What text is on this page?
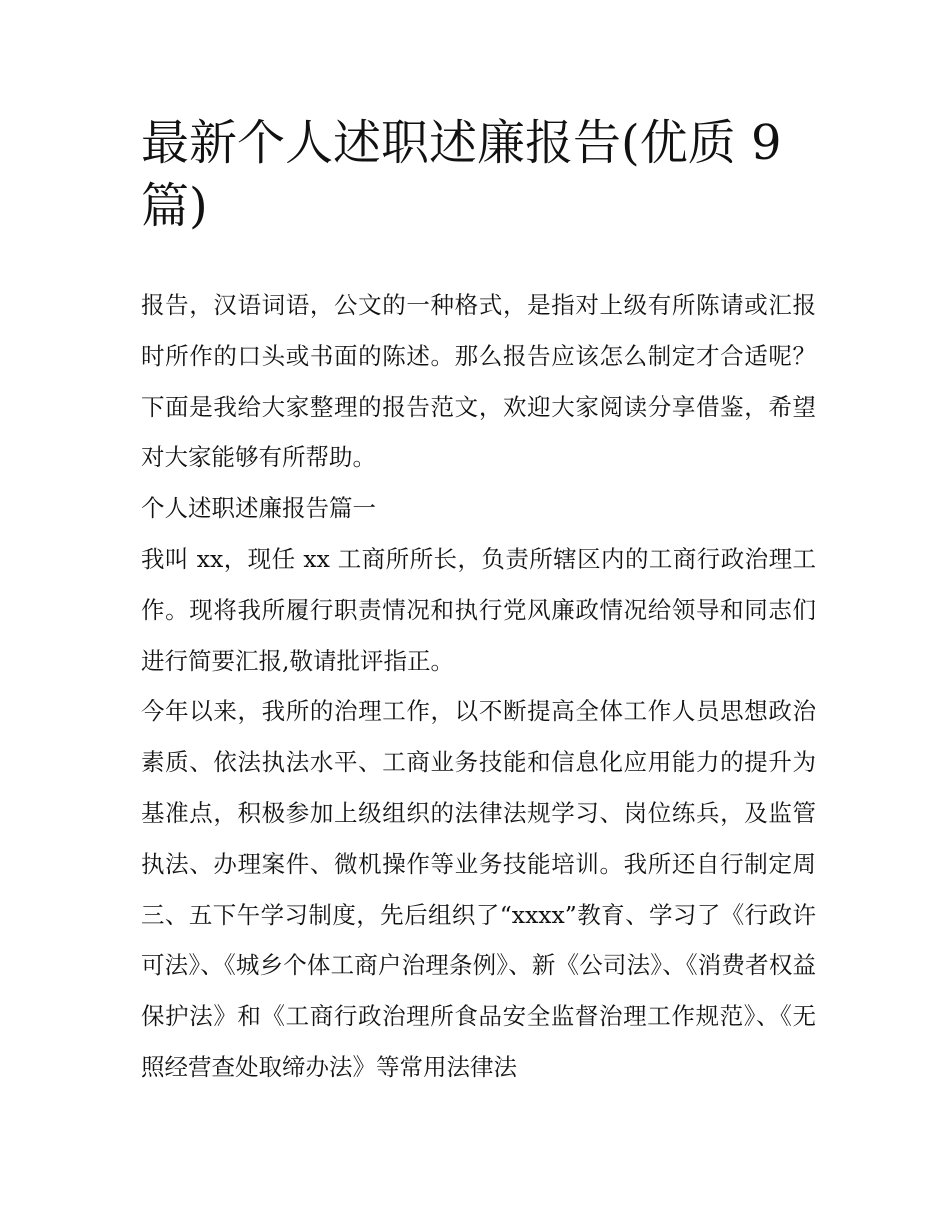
最新个人述职述廉报告(优质 9 篇)

报告，汉语词语，公文的一种格式，是指对上级有所陈请或汇报时所作的口头或书面的陈述。那么报告应该怎么制定才合适呢？下面是我给大家整理的报告范文，欢迎大家阅读分享借鉴，希望对大家能够有所帮助。

个人述职述廉报告篇一

我叫 xx，现任 xx 工商所所长，负责所辖区内的工商行政治理工作。现将我所履行职责情况和执行党风廉政情况给领导和同志们进行简要汇报,敬请批评指正。

今年以来，我所的治理工作，以不断提高全体工作人员思想政治素质、依法执法水平、工商业务技能和信息化应用能力的提升为基准点，积极参加上级组织的法律法规学习、岗位练兵，及监管执法、办理案件、微机操作等业务技能培训。我所还自行制定周三、五下午学习制度，先后组织了“xxxx”教育、学习了《行政许可法》、《城乡个体工商户治理条例》、新《公司法》、《消费者权益保护法》和《工商行政治理所食品安全监督治理工作规范》、《无照经营查处取缔办法》等常用法律法
